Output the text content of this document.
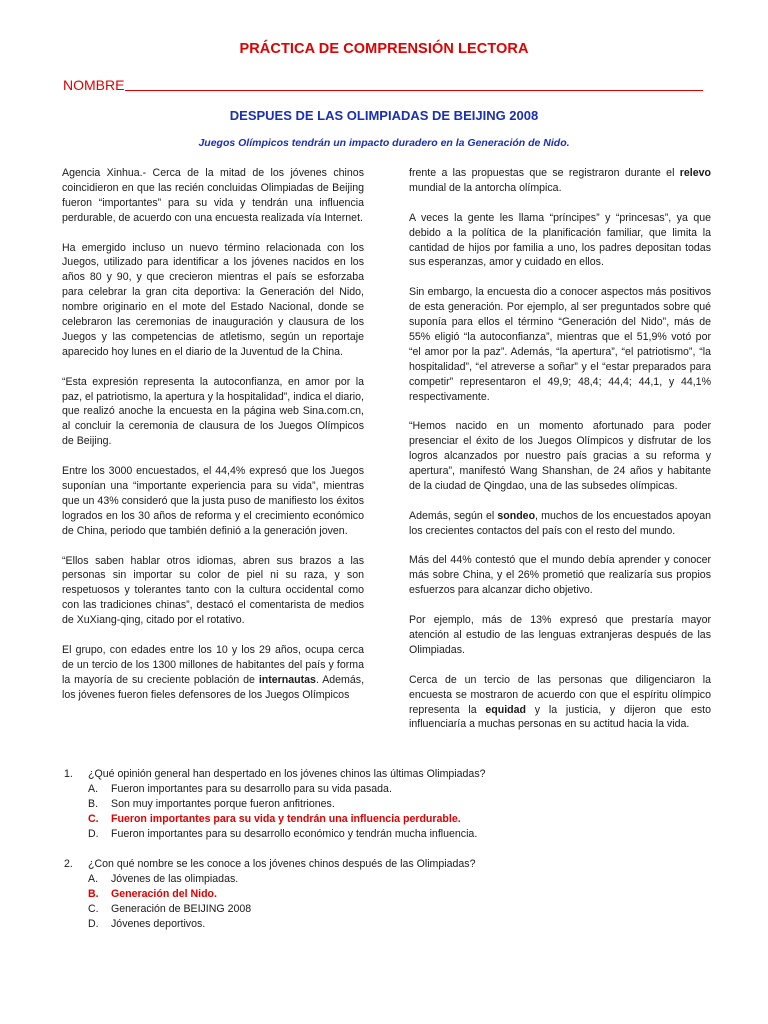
PRÁCTICA DE COMPRENSIÓN LECTORA
NOMBRE
DESPUES DE LAS OLIMPIADAS DE BEIJING 2008
Juegos Olímpicos tendrán un impacto duradero en la Generación de Nido.

Agencia Xinhua.- Cerca de la mitad de los jóvenes chinos coincidieron en que las recién concluidas Olimpiadas de Beijing fueron “importantes” para su vida y tendrán una influencia perdurable, de acuerdo con una encuesta realizada vía Internet.

Ha emergido incluso un nuevo término relacionada con los Juegos, utilizado para identificar a los jóvenes nacidos en los años 80 y 90, y que crecieron mientras el país se esforzaba para celebrar la gran cita deportiva: la Generación del Nido, nombre originario en el mote del Estado Nacional, donde se celebraron las ceremonias de inauguración y clausura de los Juegos y las competencias de atletismo, según un reportaje aparecido hoy lunes en el diario de la Juventud de la China.

“Esta expresión representa la autoconfianza, en amor por la paz, el patriotismo, la apertura y la hospitalidad”, indica el diario, que realizó anoche la encuesta en la página web Sina.com.cn, al concluir la ceremonia de clausura de los Juegos Olímpicos de Beijing.

Entre los 3000 encuestados, el 44,4% expresó que los Juegos suponían una “importante experiencia para su vida”, mientras que un 43% consideró que la justa puso de manifiesto los éxitos logrados en los 30 años de reforma y el crecimiento económico de China, periodo que también definió a la generación joven.

“Ellos saben hablar otros idiomas, abren sus brazos a las personas sin importar su color de piel ni su raza, y son respetuosos y tolerantes tanto con la cultura occidental como con las tradiciones chinas”, destacó el comentarista de medios de XuXiang-qing, citado por el rotativo.

El grupo, con edades entre los 10 y los 29 años, ocupa cerca de un tercio de los 1300 millones de habitantes del país y forma la mayoría de su creciente población de internautas. Además, los jóvenes fueron fieles defensores de los Juegos Olímpicos

frente a las propuestas que se registraron durante el relevo mundial de la antorcha olímpica.

A veces la gente les llama “príncipes” y “princesas”, ya que debido a la política de la planificación familiar, que limita la cantidad de hijos por familia a uno, los padres depositan todas sus esperanzas, amor y cuidado en ellos.

Sin embargo, la encuesta dio a conocer aspectos más positivos de esta generación. Por ejemplo, al ser preguntados sobre qué suponía para ellos el término “Generación del Nido”, más de 55% eligió “la autoconfianza”, mientras que el 51,9% votó por “el amor por la paz”. Además, “la apertura”, “el patriotismo”, “la hospitalidad”, “el atreverse a soñar” y el “estar preparados para competir” representaron el 49,9; 48,4; 44,4; 44,1, y 44,1% respectivamente.

“Hemos nacido en un momento afortunado para poder presenciar el éxito de los Juegos Olímpicos y disfrutar de los logros alcanzados por nuestro país gracias a su reforma y apertura”, manifestó Wang Shanshan, de 24 años y habitante de la ciudad de Qingdao, una de las subsedes olímpicas.

Además, según el sondeo, muchos de los encuestados apoyan los crecientes contactos del país con el resto del mundo.

Más del 44% contestó que el mundo debía aprender y conocer más sobre China, y el 26% prometió que realizaría sus propios esfuerzos para alcanzar dicho objetivo.

Por ejemplo, más de 13% expresó que prestaría mayor atención al estudio de las lenguas extranjeras después de las Olimpiadas.

Cerca de un tercio de las personas que diligenciaron la encuesta se mostraron de acuerdo con que el espíritu olímpico representa la equidad y la justicia, y dijeron que esto influenciaría a muchas personas en su actitud hacia la vida.

1.	¿Qué opinión general han despertado en los jóvenes chinos las últimas Olimpiadas?
A.	Fueron importantes para su desarrollo para su vida pasada.
B.	Son muy importantes porque fueron anfitriones.
C.	Fueron importantes para su vida y tendrán una influencia perdurable.
D.	Fueron importantes para su desarrollo económico y tendrán mucha influencia.
2.	¿Con qué nombre se les conoce a los jóvenes chinos después de las Olimpiadas?
A.	Jóvenes de las olimpiadas.
B.	Generación del Nido.
C.	Generación de BEIJING 2008
D.	Jóvenes deportivos.
